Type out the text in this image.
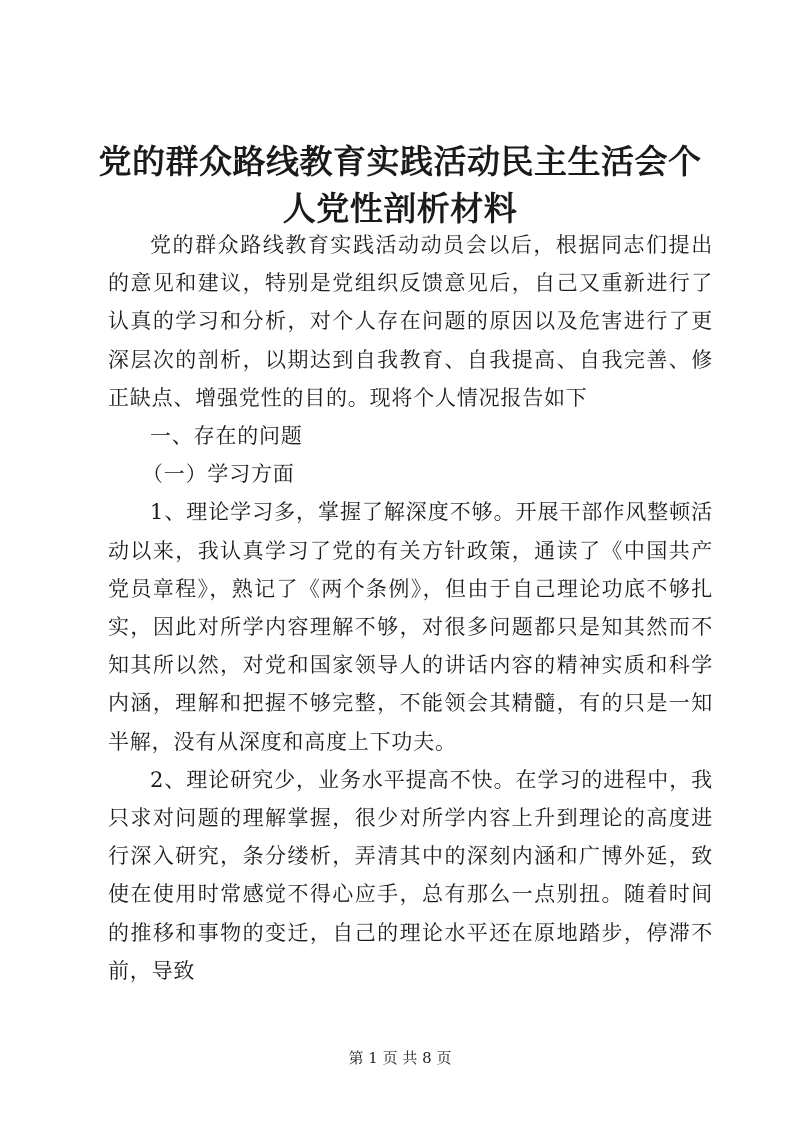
党的群众路线教育实践活动民主生活会个人党性剖析材料

党的群众路线教育实践活动动员会以后，根据同志们提出的意见和建议，特别是党组织反馈意见后，自己又重新进行了认真的学习和分析，对个人存在问题的原因以及危害进行了更深层次的剖析，以期达到自我教育、自我提高、自我完善、修正缺点、增强党性的目的。现将个人情况报告如下

一、存在的问题

（一）学习方面

1、理论学习多，掌握了解深度不够。开展干部作风整顿活动以来，我认真学习了党的有关方针政策，通读了《中国共产党员章程》，熟记了《两个条例》，但由于自己理论功底不够扎实，因此对所学内容理解不够，对很多问题都只是知其然而不知其所以然，对党和国家领导人的讲话内容的精神实质和科学内涵，理解和把握不够完整，不能领会其精髓，有的只是一知半解，没有从深度和高度上下功夫。

2、理论研究少，业务水平提高不快。在学习的进程中，我只求对问题的理解掌握，很少对所学内容上升到理论的高度进行深入研究，条分缕析，弄清其中的深刻内涵和广博外延，致使在使用时常感觉不得心应手，总有那么一点别扭。随着时间的推移和事物的变迁，自己的理论水平还在原地踏步，停滞不前，导致

第 1 页 共 8 页
